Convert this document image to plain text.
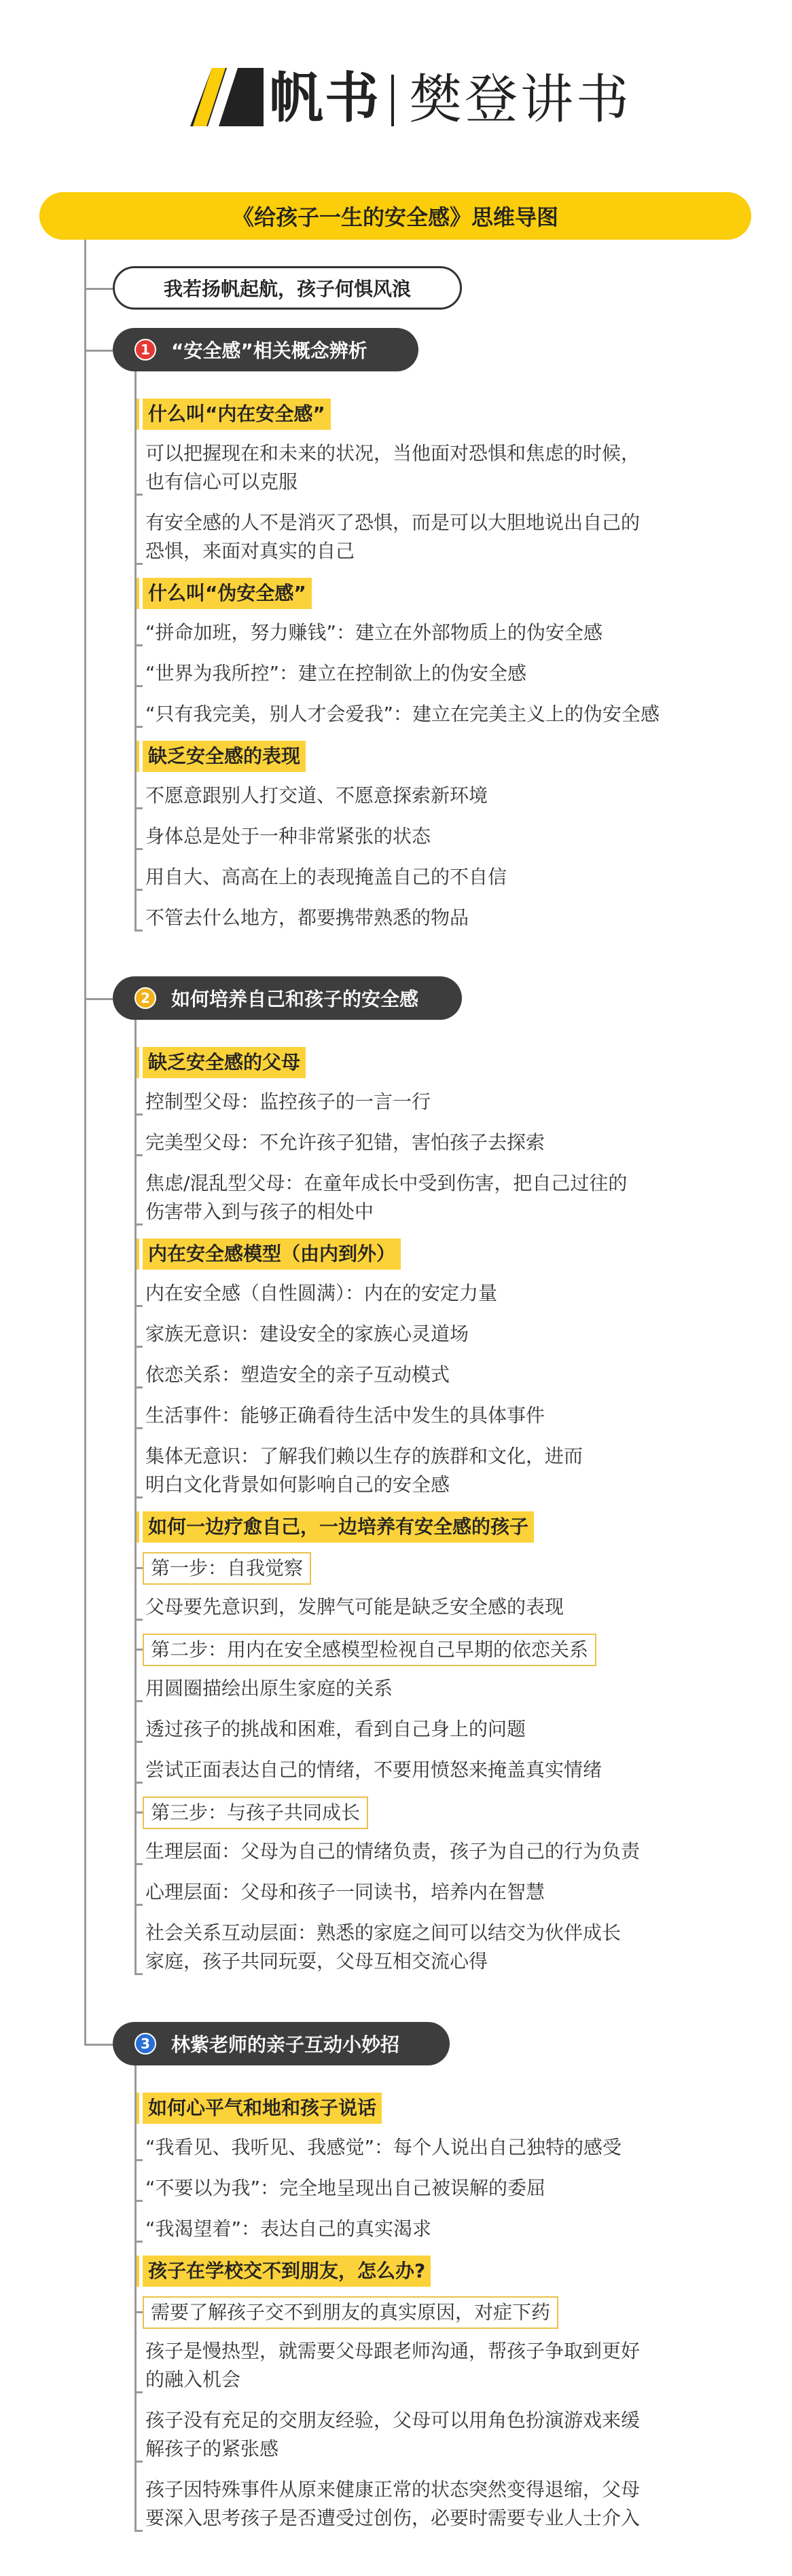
帆书 樊登讲书
《给孩子一生的安全感》思维导图
1	“安全感”相关概念辨析
什么叫“内在安全感”
可以把握现在和未来的状况，当他面对恐惧和焦虑的时候，
也有信心可以克服
有安全感的人不是消灭了恐惧，而是可以大胆地说出自己的
恐惧，来面对真实的自己
什么叫“伪安全感”
“拼命加班，努力赚钱”：建立在外部物质上的伪安全感
“世界为我所控”：建立在控制欲上的伪安全感
“只有我完美，别人才会爱我”：建立在完美主义上的伪安全感
缺乏安全感的表现
不愿意跟别人打交道、不愿意探索新环境
身体总是处于一种非常紧张的状态
用自大、高高在上的表现掩盖自己的不自信
不管去什么地方，都要携带熟悉的物品
2	如何培养自己和孩子的安全感
缺乏安全感的父母
控制型父母：监控孩子的一言一行
完美型父母：不允许孩子犯错，害怕孩子去探索
焦虑/混乱型父母：在童年成长中受到伤害，把自己过往的
伤害带入到与孩子的相处中
内在安全感模型（由内到外）
内在安全感（自性圆满）：内在的安定力量
家族无意识：建设安全的家族心灵道场
依恋关系：塑造安全的亲子互动模式
生活事件：能够正确看待生活中发生的具体事件
集体无意识：了解我们赖以生存的族群和文化，进而
明白文化背景如何影响自己的安全感
如何一边疗愈自己，一边培养有安全感的孩子
第一步：自我觉察
父母要先意识到，发脾气可能是缺乏安全感的表现
第二步：用内在安全感模型检视自己早期的依恋关系
用圆圈描绘出原生家庭的关系
透过孩子的挑战和困难，看到自己身上的问题
尝试正面表达自己的情绪，不要用愤怒来掩盖真实情绪
第三步：与孩子共同成长
生理层面：父母为自己的情绪负责，孩子为自己的行为负责
心理层面：父母和孩子一同读书，培养内在智慧
社会关系互动层面：熟悉的家庭之间可以结交为伙伴成长
家庭，孩子共同玩耍，父母互相交流心得
3	林紫老师的亲子互动小妙招
如何心平气和地和孩子说话
“我看见、我听见、我感觉”：每个人说出自己独特的感受
“不要以为我”：完全地呈现出自己被误解的委屈
“我渴望着”：表达自己的真实渴求
孩子在学校交不到朋友，怎么办?
需要了解孩子交不到朋友的真实原因，对症下药
孩子是慢热型，就需要父母跟老师沟通，帮孩子争取到更好
的融入机会
孩子没有充足的交朋友经验，父母可以用角色扮演游戏来缓
解孩子的紧张感
孩子因特殊事件从原来健康正常的状态突然变得退缩，父母
要深入思考孩子是否遭受过创伤，必要时需要专业人士介入
我若扬帆起航，孩子何惧风浪
